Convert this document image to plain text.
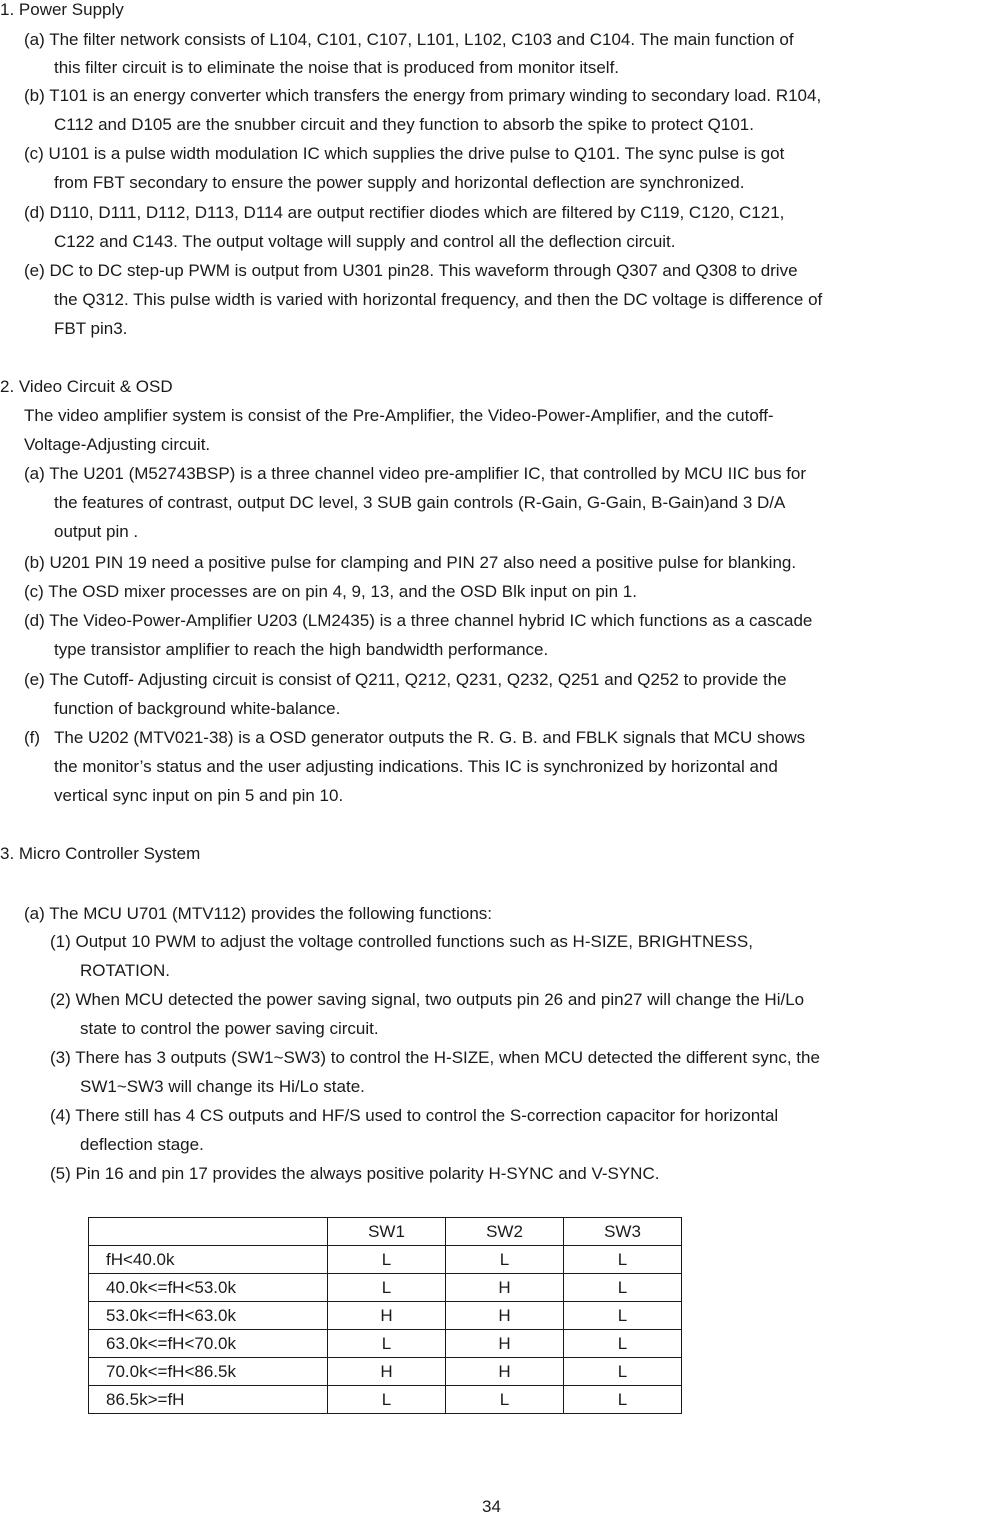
1. Power Supply
(a) The filter network consists of L104, C101, C107, L101, L102, C103 and C104. The main function of
this filter circuit is to eliminate the noise that is produced from monitor itself.
(b) T101 is an energy converter which transfers the energy from primary winding to secondary load. R104,
C112 and D105 are the snubber circuit and they function to absorb the spike to protect Q101.
(c) U101 is a pulse width modulation IC which supplies the drive pulse to Q101. The sync pulse is got
from FBT secondary to ensure the power supply and horizontal deflection are synchronized.
(d) D110, D111, D112, D113, D114 are output rectifier diodes which are filtered by C119, C120, C121,
C122 and C143. The output voltage will supply and control all the deflection circuit.
(e) DC to DC step-up PWM is output from U301 pin28. This waveform through Q307 and Q308 to drive
the Q312. This pulse width is varied with horizontal frequency, and then the DC voltage is difference of
FBT pin3.
2. Video Circuit & OSD
The video amplifier system is consist of the Pre-Amplifier, the Video-Power-Amplifier, and the cutoff-
Voltage-Adjusting circuit.
(a) The U201 (M52743BSP) is a three channel video pre-amplifier IC, that controlled by MCU IIC bus for
the features of contrast, output DC level, 3 SUB gain controls (R-Gain, G-Gain, B-Gain)and 3 D/A
output pin .
(b) U201 PIN 19 need a positive pulse for clamping and PIN 27 also need a positive pulse for blanking.
(c) The OSD mixer processes are on pin 4, 9, 13, and the OSD Blk input on pin 1.
(d) The Video-Power-Amplifier U203 (LM2435) is a three channel hybrid IC which functions as a cascade
type transistor amplifier to reach the high bandwidth performance.
(e) The Cutoff- Adjusting circuit is consist of Q211, Q212, Q231, Q232, Q251 and Q252 to provide the
function of background white-balance.
(f) The U202 (MTV021-38) is a OSD generator outputs the R. G. B. and FBLK signals that MCU shows
the monitor’s status and the user adjusting indications. This IC is synchronized by horizontal and
vertical sync input on pin 5 and pin 10.
3. Micro Controller System
(a) The MCU U701 (MTV112) provides the following functions:
(1) Output 10 PWM to adjust the voltage controlled functions such as H-SIZE, BRIGHTNESS,
ROTATION.
(2) When MCU detected the power saving signal, two outputs pin 26 and pin27 will change the Hi/Lo
state to control the power saving circuit.
(3) There has 3 outputs (SW1~SW3) to control the H-SIZE, when MCU detected the different sync, the
SW1~SW3 will change its Hi/Lo state.
(4) There still has 4 CS outputs and HF/S used to control the S-correction capacitor for horizontal
deflection stage.
(5) Pin 16 and pin 17 provides the always positive polarity H-SYNC and V-SYNC.
	SW1	SW2	SW3
fH<40.0k	L	L	L
40.0k<=fH<53.0k	L	H	L
53.0k<=fH<63.0k	H	H	L
63.0k<=fH<70.0k	L	H	L
70.0k<=fH<86.5k	H	H	L
86.5k>=fH	L	L	L
34
